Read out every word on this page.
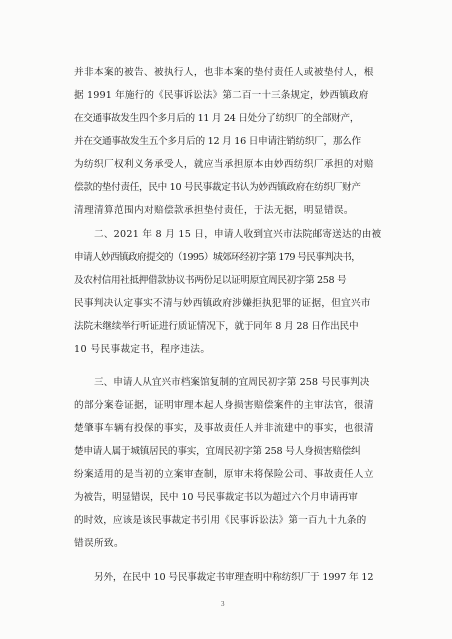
并非本案的被告、被执行人，也非本案的垫付责任人或被垫付人，根
据 1991 年施行的《民事诉讼法》第二百一十三条规定，妙西镇政府
在交通事故发生四个多月后的 11 月 24 日处分了纺织厂的全部财产，
并在交通事故发生五个多月后的 12 月 16 日申请注销纺织厂，那么作
为纺织厂权利义务承受人，就应当承担原本由妙西纺织厂承担的对赔
偿款的垫付责任，民中 10 号民事裁定书认为妙西镇政府在纺织厂财产
清理清算范围内对赔偿款承担垫付责任，于法无据，明显错误。
二、2021 年 8 月 15 日，申请人收到宜兴市法院邮寄送达的由被
申请人妙西镇政府提交的（1995）城郊环经初字第 179 号民事判决书，
及农村信用社抵押借款协议书两份足以证明原宜周民初字第 258 号
民事判决认定事实不清与妙西镇政府涉嫌拒执犯罪的证据，但宜兴市
法院未继续举行听证进行质证情况下，就于同年 8 月 28 日作出民中
10 号民事裁定书，程序违法。
三、申请人从宜兴市档案馆复制的宜周民初字第 258 号民事判决
的部分案卷证据，证明审理本起人身损害赔偿案件的主审法官，很清
楚肇事车辆有投保的事实，及事故责任人并非流建中的事实，也很清
楚申请人属于城镇居民的事实，宜周民初字第 258 号人身损害赔偿纠
纷案适用的是当初的立案审查制，原审未将保险公司、事故责任人立
为被告，明显错误，民中 10 号民事裁定书以为超过六个月申请再审
的时效，应该是该民事裁定书引用《民事诉讼法》第一百九十九条的
错误所致。
另外，在民中 10 号民事裁定书审理查明中称纺织厂于 1997 年 12
3
